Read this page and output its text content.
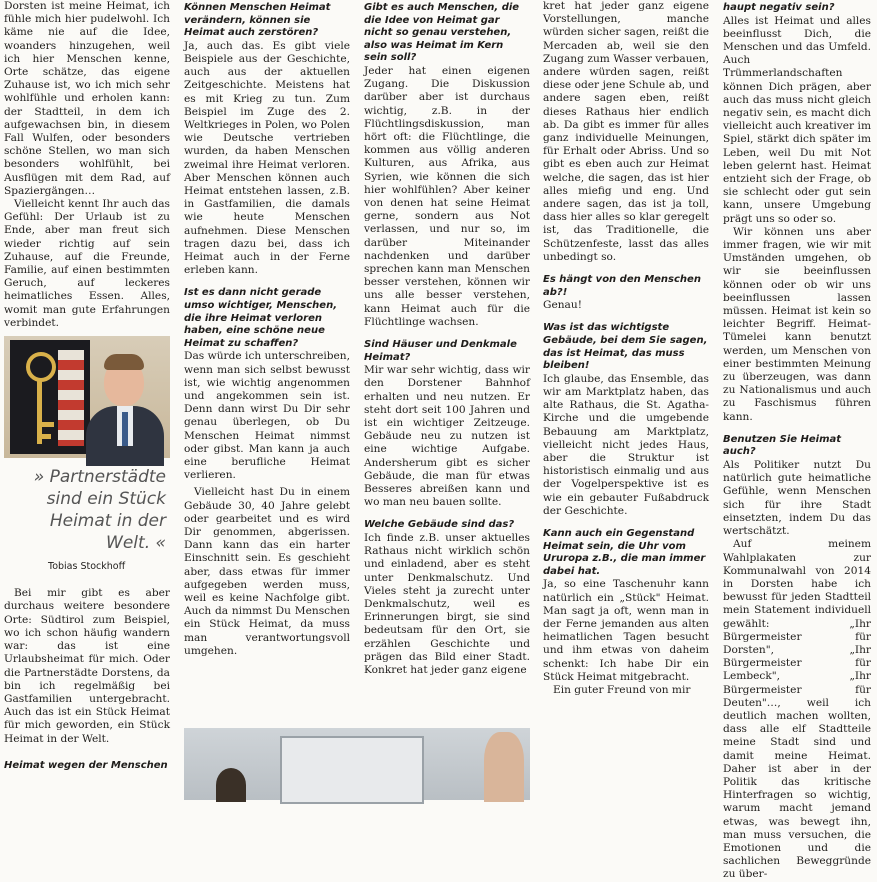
Dorsten ist meine Heimat, ich fühle mich hier pudelwohl. Ich käme nie auf die Idee, woanders hinzugehen, weil ich hier Menschen kenne, Orte schätze, das eigene Zuhause ist, wo ich mich sehr wohlfühle und erholen kann: der Stadtteil, in dem ich aufgewachsen bin, in diesem Fall Wulfen, oder besonders schöne Stellen, wo man sich besonders wohlfühlt, bei Ausflügen mit dem Rad, auf Spaziergängen…

Vielleicht kennt Ihr auch das Gefühl: Der Urlaub ist zu Ende, aber man freut sich wieder richtig auf sein Zuhause, auf die Freunde, Familie, auf einen bestimmten Geruch, auf leckeres heimatliches Essen. Alles, womit man gute Erfahrungen verbindet.

» Partnerstädte sind ein Stück Heimat in der Welt. «
Tobias Stockhoff

Bei mir gibt es aber durchaus weitere besondere Orte: Südtirol zum Beispiel, wo ich schon häufig wandern war: das ist eine Urlaubsheimat für mich. Oder die Partnerstädte Dorstens, da bin ich regelmäßig bei Gastfamilien untergebracht. Auch das ist ein Stück Heimat für mich geworden, ein Stück Heimat in der Welt.

Heimat wegen der Menschen
Können Menschen Heimat verändern, können sie Heimat auch zerstören?

Ja, auch das. Es gibt viele Beispiele aus der Geschichte, auch aus der aktuellen Zeitgeschichte. Meistens hat es mit Krieg zu tun. Zum Beispiel im Zuge des 2. Weltkrieges in Polen, wo Polen wie Deutsche vertrieben wurden, da haben Menschen zweimal ihre Heimat verloren. Aber Menschen können auch Heimat entstehen lassen, z.B. in Gastfamilien, die damals wie heute Menschen aufnehmen. Diese Menschen tragen dazu bei, dass ich Heimat auch in der Ferne erleben kann.

Ist es dann nicht gerade umso wichtiger, Menschen, die ihre Heimat verloren haben, eine schöne neue Heimat zu schaffen?

Das würde ich unterschreiben, wenn man sich selbst bewusst ist, wie wichtig angenommen und angekommen sein ist. Denn dann wirst Du Dir sehr genau überlegen, ob Du Menschen Heimat nimmst oder gibst. Man kann ja auch eine berufliche Heimat verlieren.

Vielleicht hast Du in einem Gebäude 30, 40 Jahre gelebt oder gearbeitet und es wird Dir genommen, abgerissen. Dann kann das ein harter Einschnitt sein. Es geschieht aber, dass etwas für immer aufgegeben werden muss, weil es keine Nachfolge gibt. Auch da nimmst Du Menschen ein Stück Heimat, da muss man verantwortungsvoll umgehen.

Gibt es auch Menschen, die die Idee von Heimat gar nicht so genau verstehen, also was Heimat im Kern sein soll?

Jeder hat einen eigenen Zugang. Die Diskussion darüber aber ist durchaus wichtig, z.B. in der Flüchtlingsdiskussion, man hört oft: die Flüchtlinge, die kommen aus völlig anderen Kulturen, aus Afrika, aus Syrien, wie können die sich hier wohlfühlen? Aber keiner von denen hat seine Heimat gerne, sondern aus Not verlassen, und nur so, im darüber Miteinander nachdenken und darüber sprechen kann man Menschen besser verstehen, können wir uns alle besser verstehen, kann Heimat auch für die Flüchtlinge wachsen.

Sind Häuser und Denkmale Heimat?

Mir war sehr wichtig, dass wir den Dorstener Bahnhof erhalten und neu nutzen. Er steht dort seit 100 Jahren und ist ein wichtiger Zeitzeuge. Gebäude neu zu nutzen ist eine wichtige Aufgabe. Andersherum gibt es sicher Gebäude, die man für etwas Besseres abreißen kann und wo man neu bauen sollte.

Welche Gebäude sind das?

Ich finde z.B. unser aktuelles Rathaus nicht wirklich schön und einladend, aber es steht unter Denkmalschutz. Und Vieles steht ja zurecht unter Denkmalschutz, weil es Erinnerungen birgt, sie sind bedeutsam für den Ort, sie erzählen Geschichte und prägen das Bild einer Stadt. Konkret hat jeder ganz eigene

kret hat jeder ganz eigene Vorstellungen, manche würden sicher sagen, reißt die Mercaden ab, weil sie den Zugang zum Wasser verbauen, andere würden sagen, reißt diese oder jene Schule ab, und andere sagen eben, reißt dieses Rathaus hier endlich ab. Da gibt es immer für alles ganz individuelle Meinungen, für Erhalt oder Abriss. Und so gibt es eben auch zur Heimat welche, die sagen, das ist hier alles miefig und eng. Und andere sagen, das ist ja toll, dass hier alles so klar geregelt ist, das Traditionelle, die Schützenfeste, lasst das alles unbedingt so.

Es hängt von den Menschen ab?!

Genau!

Was ist das wichtigste Gebäude, bei dem Sie sagen, das ist Heimat, das muss bleiben!

Ich glaube, das Ensemble, das wir am Marktplatz haben, das alte Rathaus, die St. Agatha-Kirche und die umgebende Bebauung am Marktplatz, vielleicht nicht jedes Haus, aber die Struktur ist historistisch einmalig und aus der Vogelperspektive ist es wie ein gebauter Fußabdruck der Geschichte.

Kann auch ein Gegenstand Heimat sein, die Uhr vom Ururopa z.B., die man immer dabei hat.

Ja, so eine Taschenuhr kann natürlich ein „Stück" Heimat. Man sagt ja oft, wenn man in der Ferne jemanden aus alten heimatlichen Tagen besucht und ihm etwas von daheim schenkt: Ich habe Dir ein Stück Heimat mitgebracht.

Ein guter Freund von mir

haupt negativ sein?

Alles ist Heimat und alles beeinflusst Dich, die Menschen und das Umfeld. Auch Trümmerlandschaften können Dich prägen, aber auch das muss nicht gleich negativ sein, es macht dich vielleicht auch kreativer im Spiel, stärkt dich später im Leben, weil Du mit Not leben gelernt hast. Heimat entzieht sich der Frage, ob sie schlecht oder gut sein kann, unsere Umgebung prägt uns so oder so.

Wir können uns aber immer fragen, wie wir mit Umständen umgehen, ob wir sie beeinflussen können oder ob wir uns beeinflussen lassen müssen. Heimat ist kein so leichter Begriff. Heimat-Tümelei kann benutzt werden, um Menschen von einer bestimmten Meinung zu überzeugen, was dann zu Nationalismus und auch zu Faschismus führen kann.

Benutzen Sie Heimat auch?

Als Politiker nutzt Du natürlich gute heimatliche Gefühle, wenn Menschen sich für ihre Stadt einsetzten, indem Du das wertschätzt.

Auf meinem Wahlplakaten zur Kommunalwahl von 2014 in Dorsten habe ich bewusst für jeden Stadtteil mein Statement individuell gewählt: „Ihr Bürgermeister für Dorsten", „Ihr Bürgermeister für Lembeck", „Ihr Bürgermeister für Deuten"…, weil ich deutlich machen wollten, dass alle elf Stadtteile meine Stadt sind und damit meine Heimat. Daher ist aber in der Politik das kritische Hinterfragen so wichtig, warum macht jemand etwas, was bewegt ihn, man muss versuchen, die Emotionen und die sachlichen Beweggründe zu über-
